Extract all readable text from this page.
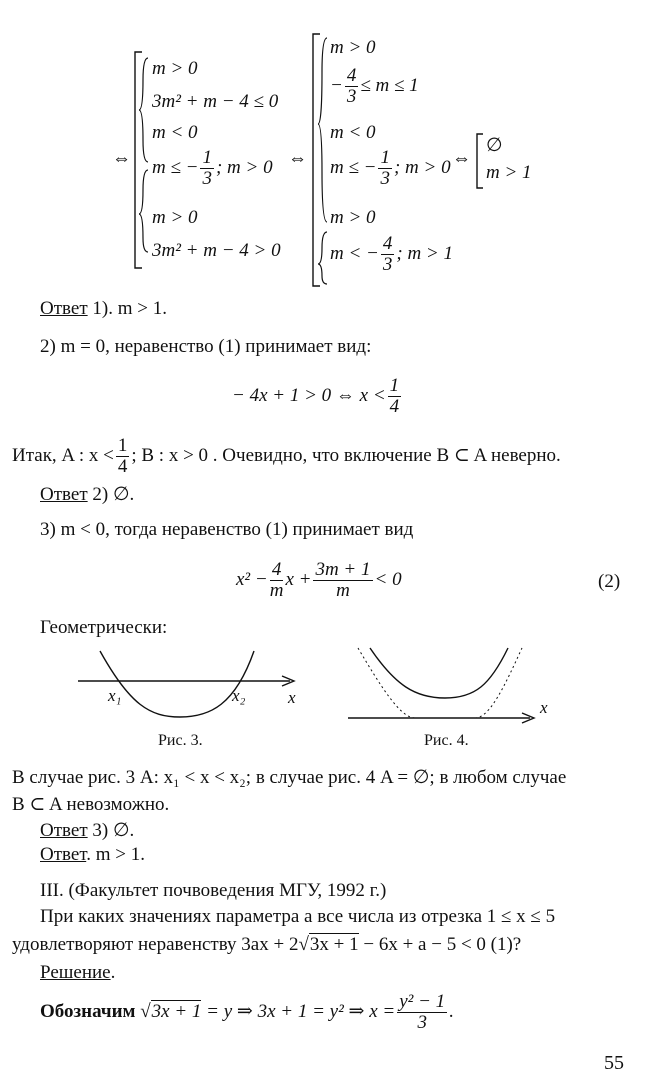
⇔
m > 0
3m² + m − 4 ≤ 0
m < 0
m ≤ − $\frac{1}{3}$ ; m > 0
m > 0
3m² + m − 4 > 0
⇔
m > 0
− $\frac{4}{3} \le m \le 1$
m < 0
m ≤ − $\frac{1}{3}$ ; m > 0
m > 0
m < − $\frac{4}{3}$ ; m > 1
⇔
∅
m > 1
Ответ 1). m > 1.
2) m = 0, неравенство (1) принимает вид:
− 4x + 1 > 0 ⇔ $x < \frac{1}{4}$
Итак, A : $x < \frac{1}{4}$ ; B : x > 0 . Очевидно, что включение B ⊂ A неверно.
Ответ 2) ∅.
3) m < 0, тогда неравенство (1) принимает вид
$x^2 - \frac{4}{m}$ $x + \frac{3m + 1}{m} < 0$	(2)
Геометрически:
x₁	x₂	x
Рис. 3.
x
Рис. 4.
В случае рис. 3 A: x₁ < x < x₂; в случае рис. 4 A = ∅; в любом случае
B ⊂ A невозможно.
Ответ 3) ∅.
Ответ. m > 1.
III. (Факультет почвоведения МГУ, 1992 г.)
При каких значениях параметра a все числа из отрезка 1 ≤ x ≤ 5
удовлетворяют неравенству 3ax + 2√3x + 1 − 6x + a − 5 < 0 (1)?
Решение.
Обозначим √3x + 1 = y ⇒ 3x + 1 = y² ⇒ $x = \frac{\text{y² − 1}}{3}$ .
55
